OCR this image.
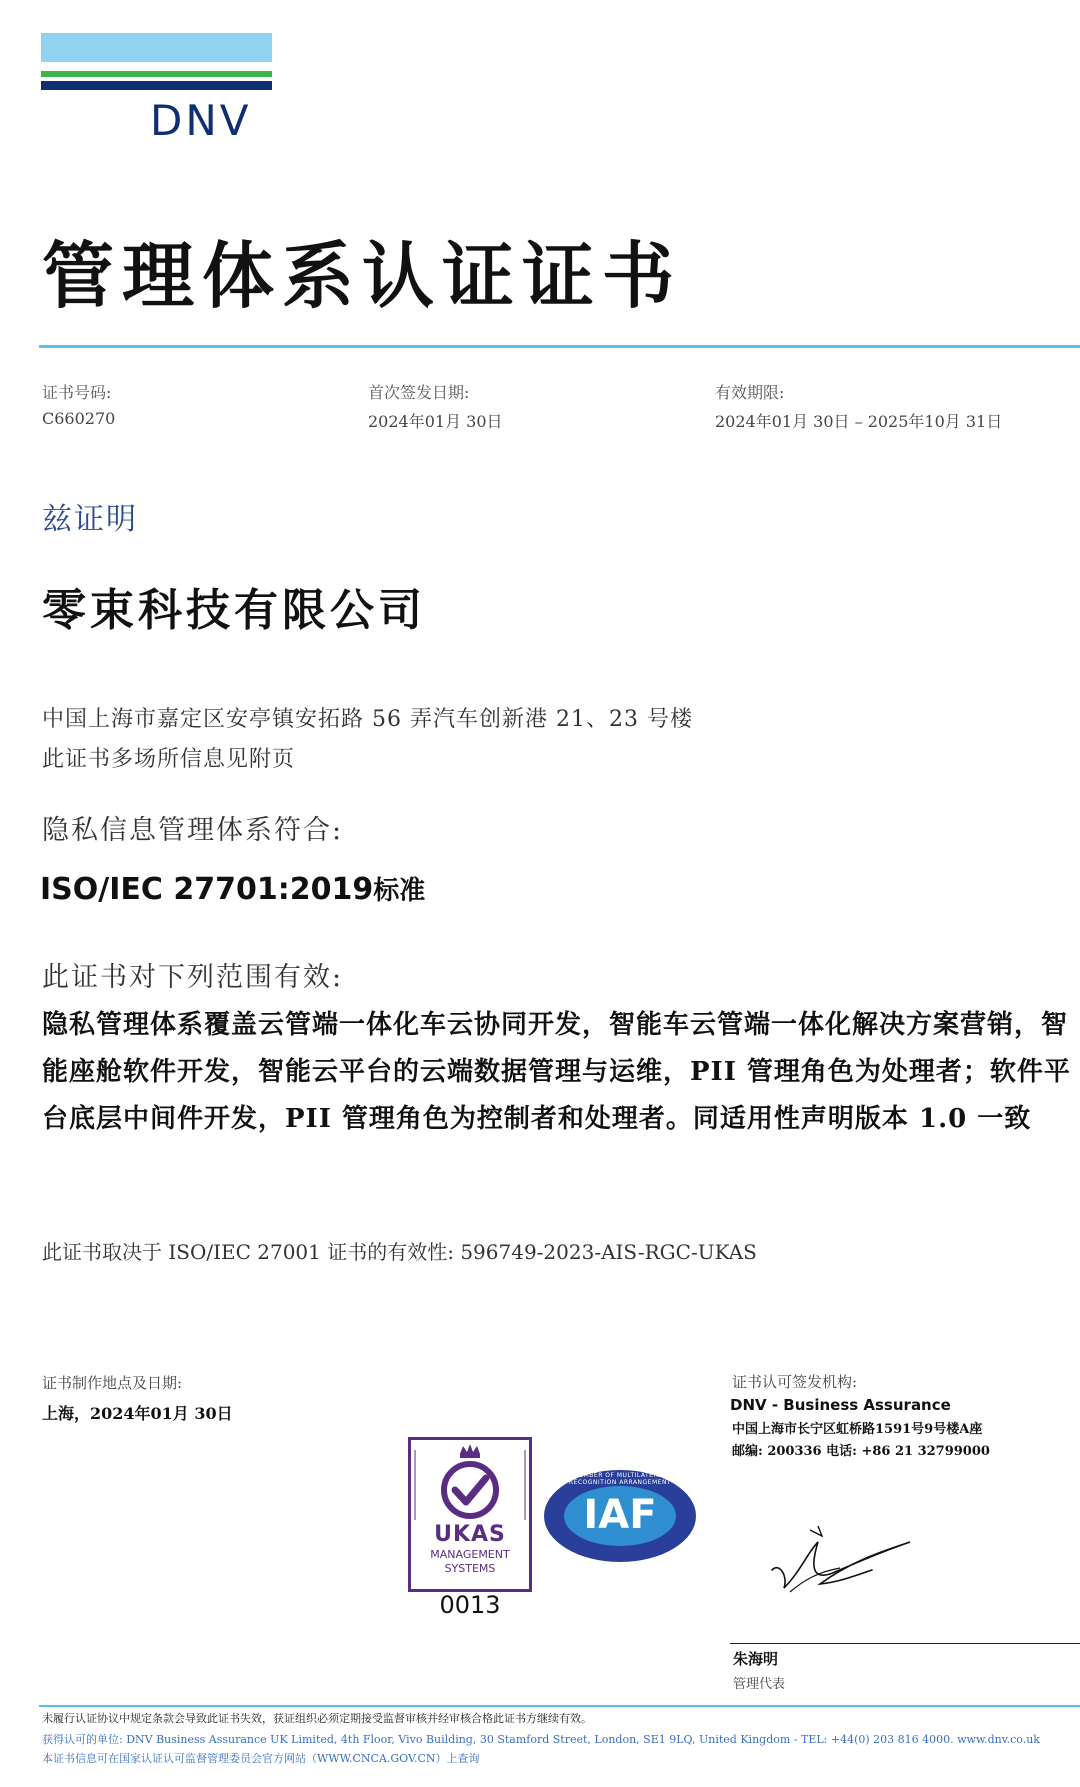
DNV
管理体系认证证书
证书号码:
C660270
首次签发日期:
2024年01月 30日
有效期限:
2024年01月 30日 – 2025年10月 31日
兹证明
零束科技有限公司
中国上海市嘉定区安亭镇安拓路 56 弄汽车创新港 21、23 号楼
此证书多场所信息见附页
隐私信息管理体系符合:
ISO/IEC 27701:2019标准
此证书对下列范围有效:
隐私管理体系覆盖云管端一体化车云协同开发，智能车云管端一体化解决方案营销，智能座舱软件开发，智能云平台的云端数据管理与运维，PII 管理角色为处理者；软件平台底层中间件开发，PII 管理角色为控制者和处理者。同适用性声明版本 1.0 一致
此证书取决于 ISO/IEC 27001 证书的有效性: 596749-2023-AIS-RGC-UKAS
证书制作地点及日期:
上海，2024年01月 30日
证书认可签发机构:
DNV - Business Assurance
中国上海市长宁区虹桥路1591号9号楼A座
邮编: 200336 电话: +86 21 32799000
UKAS
MANAGEMENT
SYSTEMS
0013
IAF
MEMBER OF MULTILATERAL RECOGNITION ARRANGEMENT
朱海明
管理代表
未履行认证协议中规定条款会导致此证书失效，获证组织必须定期接受监督审核并经审核合格此证书方继续有效。
获得认可的单位: DNV Business Assurance UK Limited, 4th Floor, Vivo Building, 30 Stamford Street, London, SE1 9LQ, United Kingdom - TEL: +44(0) 203 816 4000. www.dnv.co.uk
本证书信息可在国家认证认可监督管理委员会官方网站（WWW.CNCA.GOV.CN）上查询
